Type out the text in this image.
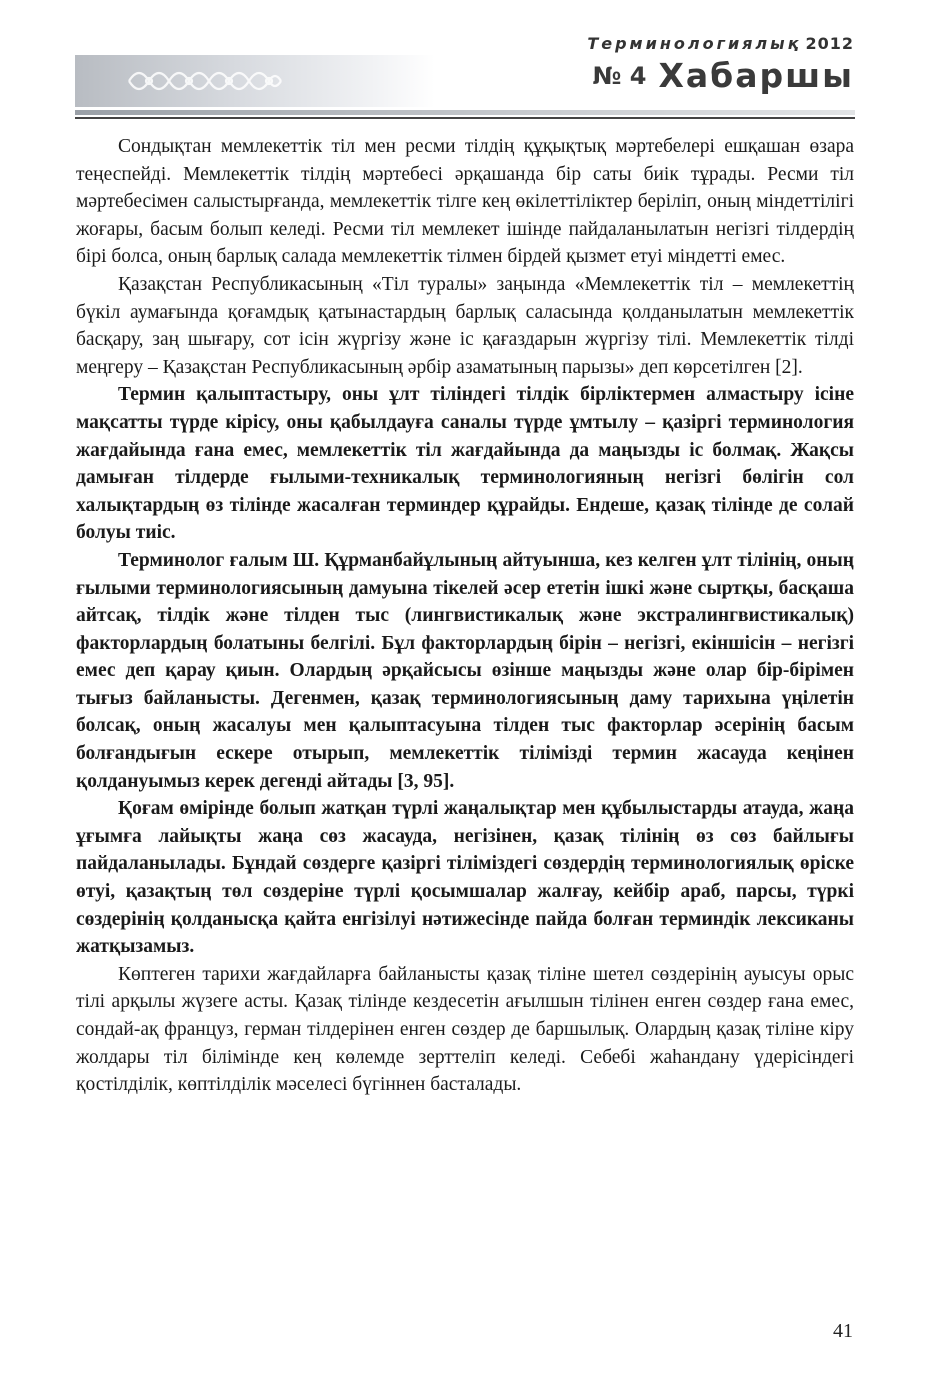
Терминологиялық 2012
№ 4 Хабаршы

Сондықтан мемлекеттік тіл мен ресми тілдің құқықтық мәртебелері ешқашан өзара теңеспейді. Мемлекеттік тілдің мәртебесі әрқашанда бір саты биік тұрады. Ресми тіл мәртебесімен салыстырғанда, мемлекеттік тілге кең өкілеттіліктер беріліп, оның міндеттілігі жоғары, басым болып келеді. Ресми тіл мемлекет ішінде пайдаланылатын негізгі тілдердің бірі болса, оның барлық салада мемлекеттік тілмен бірдей қызмет етуі міндетті емес.

Қазақстан Республикасының «Тіл туралы» заңында «Мемлекеттік тіл – мемлекеттің бүкіл аумағында қоғамдық қатынастардың барлық саласында қолданылатын мемлекеттік басқару, заң шығару, сот ісін жүргізу және іс қағаздарын жүргізу тілі. Мемлекеттік тілді меңгеру – Қазақстан Республикасының әрбір азаматының парызы» деп көрсетілген [2].

Термин қалыптастыру, оны ұлт тіліндегі тілдік бірліктермен алмастыру ісіне мақсатты түрде кірісу, оны қабылдауға саналы түрде ұмтылу – қазіргі терминология жағдайында ғана емес, мемлекеттік тіл жағдайында да маңызды іс болмақ. Жақсы дамыған тілдерде ғылыми-техникалық терминологияның негізгі бөлігін сол халықтардың өз тілінде жасалған терминдер құрайды. Ендеше, қазақ тілінде де солай болуы тиіс.

Терминолог ғалым Ш. Құрманбайұлының айтуынша, кез келген ұлт тілінің, оның ғылыми терминологиясының дамуына тікелей әсер ететін ішкі және сыртқы, басқаша айтсақ, тілдік және тілден тыс (лингвистикалық және экстралингвистикалық) факторлардың болатыны белгілі. Бұл факторлардың бірін – негізгі, екіншісін – негізгі емес деп қарау қиын. Олардың әрқайсысы өзінше маңызды және олар бір-бірімен тығыз байланысты. Дегенмен, қазақ терминологиясының даму тарихына үңілетін болсақ, оның жасалуы мен қалыптасуына тілден тыс факторлар әсерінің басым болғандығын ескере отырып, мемлекеттік тілімізді термин жасауда кеңінен қолдануымыз керек дегенді айтады [3, 95].

Қоғам өмірінде болып жатқан түрлі жаңалықтар мен құбылыстарды атауда, жаңа ұғымға лайықты жаңа сөз жасауда, негізінен, қазақ тілінің өз сөз байлығы пайдаланылады. Бұндай сөздерге қазіргі тіліміздегі сөздердің терминологиялық өріске өтуі, қазақтың төл сөздеріне түрлі қосымшалар жалғау, кейбір араб, парсы, түркі сөздерінің қолданысқа қайта енгізілуі нәтижесінде пайда болған терминдік лексиканы жатқызамыз.

Көптеген тарихи жағдайларға байланысты қазақ тіліне шетел сөздерінің ауысуы орыс тілі арқылы жүзеге асты. Қазақ тілінде кездесетін ағылшын тілінен енген сөздер ғана емес, сондай-ақ француз, герман тілдерінен енген сөздер де баршылық. Олардың қазақ тіліне кіру жолдары тіл білімінде кең көлемде зерттеліп келеді. Себебі жаһандану үдерісіндегі қостілділік, көптілділік мәселесі бүгіннен басталады.

41
